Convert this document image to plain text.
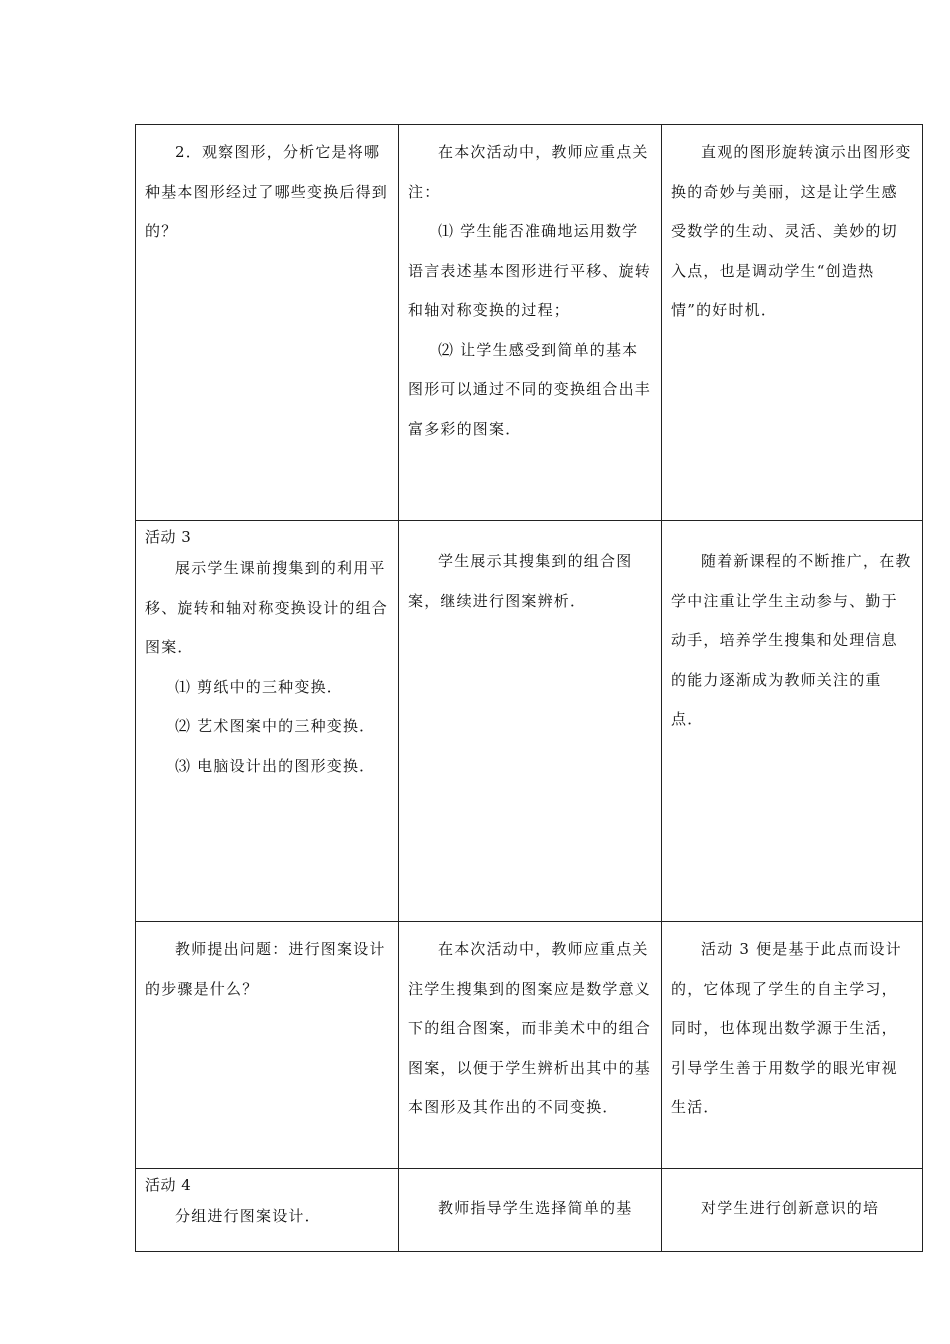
2．观察图形，分析它是将哪种基本图形经过了哪些变换后得到的？	在本次活动中，教师应重点关注：
⑴ 学生能否准确地运用数学语言表述基本图形进行平移、旋转和轴对称变换的过程；
⑵ 让学生感受到简单的基本图形可以通过不同的变换组合出丰富多彩的图案．	直观的图形旋转演示出图形变换的奇妙与美丽，这是让学生感受数学的生动、灵活、美妙的切入点，也是调动学生“创造热情”的好时机．

活动 3
展示学生课前搜集到的利用平移、旋转和轴对称变换设计的组合图案．
⑴ 剪纸中的三种变换．
⑵ 艺术图案中的三种变换．
⑶ 电脑设计出的图形变换．	学生展示其搜集到的组合图案，继续进行图案辨析．	随着新课程的不断推广，在教学中注重让学生主动参与、勤于动手，培养学生搜集和处理信息的能力逐渐成为教师关注的重点．

教师提出问题：进行图案设计的步骤是什么？	在本次活动中，教师应重点关注学生搜集到的图案应是数学意义下的组合图案，而非美术中的组合图案，以便于学生辨析出其中的基本图形及其作出的不同变换．	活动 3 便是基于此点而设计的，它体现了学生的自主学习，同时，也体现出数学源于生活，引导学生善于用数学的眼光审视生活．

活动 4
分组进行图案设计．	教师指导学生选择简单的基	对学生进行创新意识的培
